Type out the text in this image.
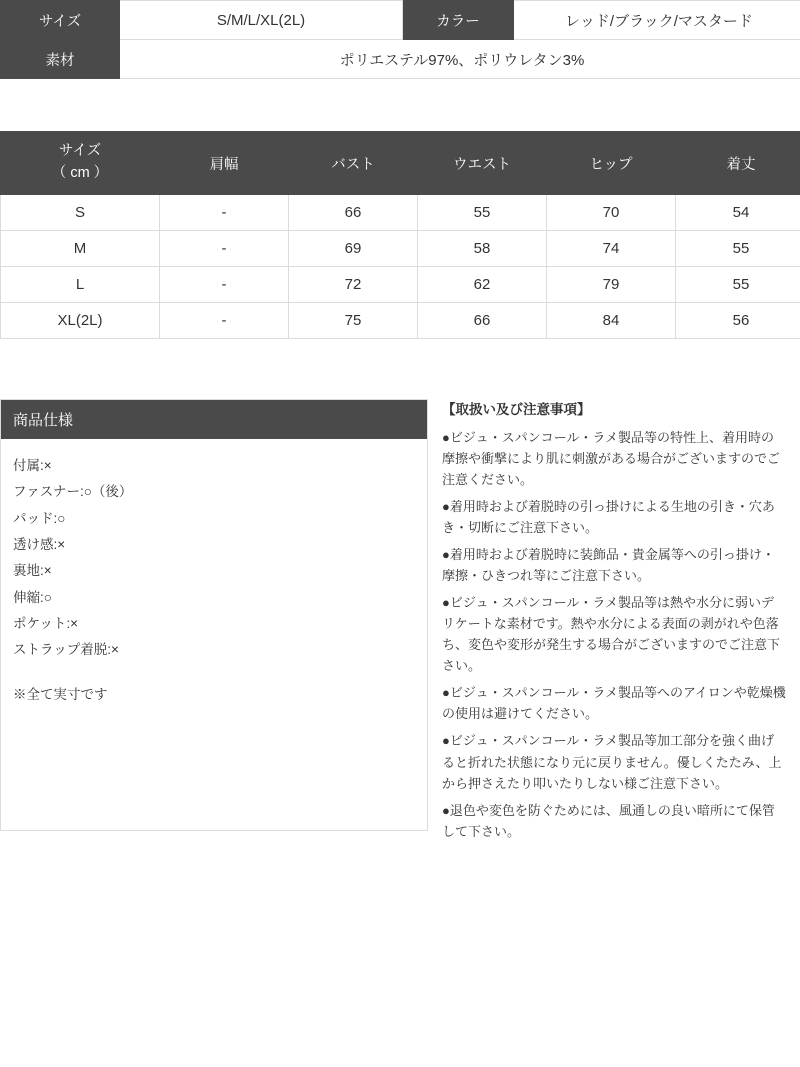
サイズ	S/M/L/XL(2L)	カラー	レッド/ブラック/マスタード
素材	ポリエステル97%、ポリウレタン3%		
サイズ
（ cm ）	肩幅	バスト	ウエスト	ヒップ	着丈
S	-	66	55	70	54
M	-	69	58	74	55
L	-	72	62	79	55
XL(2L)	-	75	66	84	56
商品仕様
付属:×
ファスナー:○（後）
パッド:○
透け感:×
裏地:×
伸縮:○
ポケット:×
ストラップ着脱:×
※全て実寸です
【取扱い及び注意事項】

●ビジュ・スパンコール・ラメ製品等の特性上、着用時の摩擦や衝撃により肌に刺激がある場合がございますのでご注意ください。

●着用時および着脱時の引っ掛けによる生地の引き・穴あき・切断にご注意下さい。

●着用時および着脱時に装飾品・貴金属等への引っ掛け・摩擦・ひきつれ等にご注意下さい。

●ビジュ・スパンコール・ラメ製品等は熱や水分に弱いデリケートな素材です。熱や水分による表面の剥がれや色落ち、変色や変形が発生する場合がございますのでご注意下さい。

●ビジュ・スパンコール・ラメ製品等へのアイロンや乾燥機の使用は避けてください。

●ビジュ・スパンコール・ラメ製品等加工部分を強く曲げると折れた状態になり元に戻りません。優しくたたみ、上から押さえたり叩いたりしない様ご注意下さい。

●退色や変色を防ぐためには、風通しの良い暗所にて保管して下さい。
